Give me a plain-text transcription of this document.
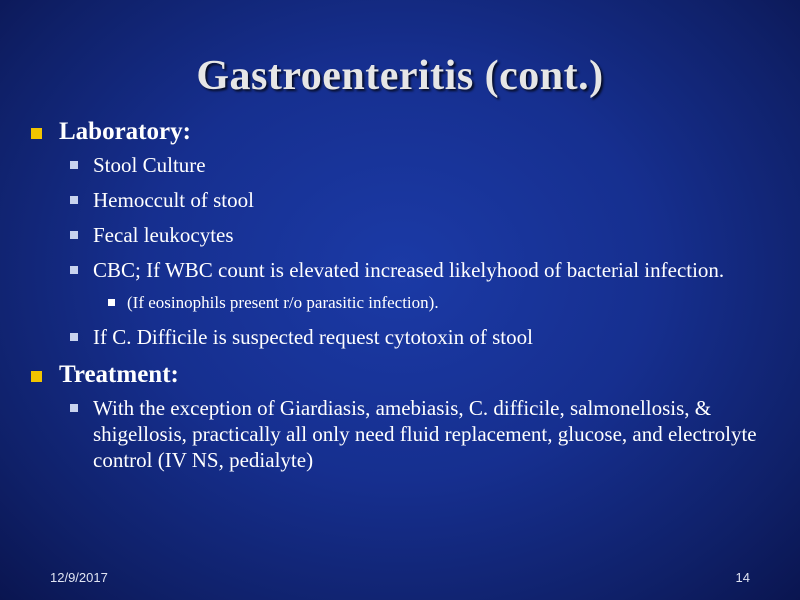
Gastroenteritis (cont.)
Laboratory:
Stool Culture
Hemoccult of stool
Fecal leukocytes
CBC; If WBC count is elevated increased likelyhood of bacterial infection.
(If eosinophils present r/o parasitic infection).
If C. Difficile is suspected request cytotoxin of stool
Treatment:
With the exception of Giardiasis, amebiasis, C. difficile, salmonellosis, & shigellosis, practically all only need fluid replacement, glucose, and electrolyte control (IV NS, pedialyte)
12/9/2017	14
